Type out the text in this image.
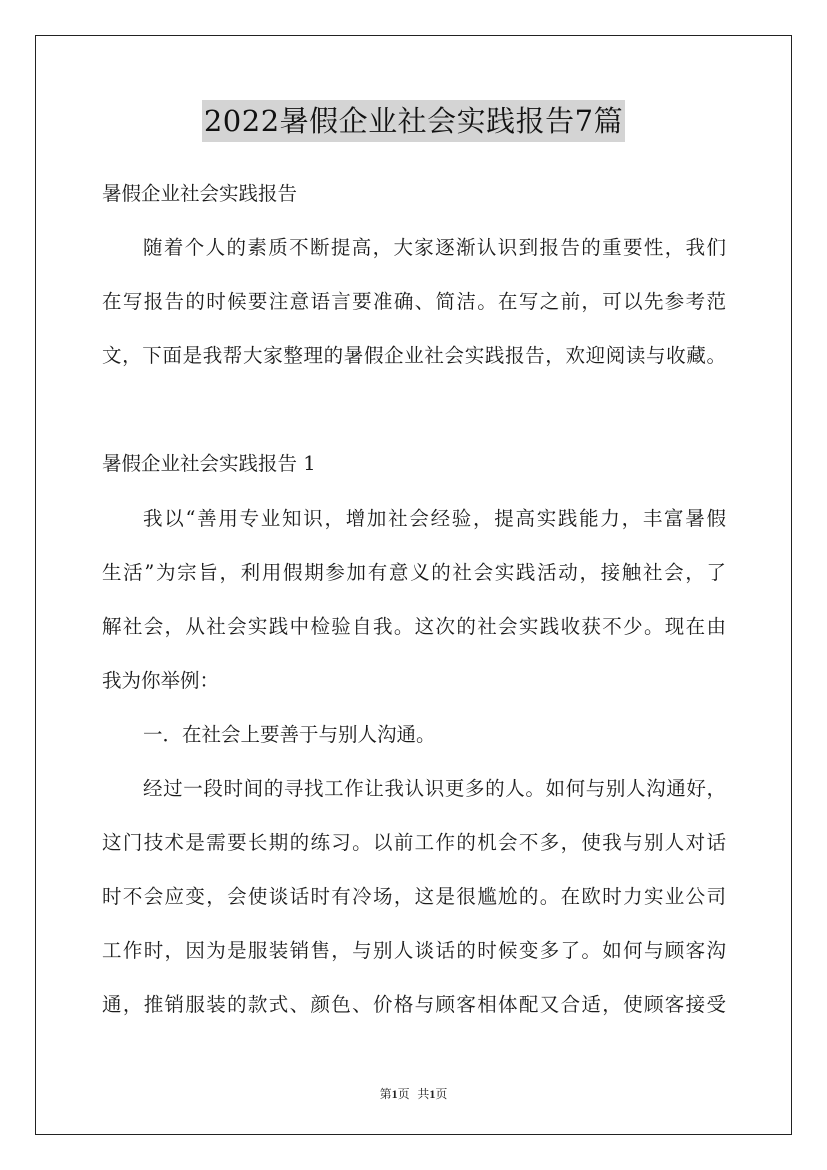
2022暑假企业社会实践报告7篇
暑假企业社会实践报告
随着个人的素质不断提高，大家逐渐认识到报告的重要性，我们
在写报告的时候要注意语言要准确、简洁。在写之前，可以先参考范
文，下面是我帮大家整理的暑假企业社会实践报告，欢迎阅读与收藏。
暑假企业社会实践报告 1
我以“善用专业知识，增加社会经验，提高实践能力，丰富暑假
生活”为宗旨，利用假期参加有意义的社会实践活动，接触社会，了
解社会，从社会实践中检验自我。这次的社会实践收获不少。现在由
我为你举例：
一．在社会上要善于与别人沟通。
经过一段时间的寻找工作让我认识更多的人。如何与别人沟通好，
这门技术是需要长期的练习。以前工作的机会不多，使我与别人对话
时不会应变，会使谈话时有冷场，这是很尴尬的。在欧时力实业公司
工作时，因为是服装销售，与别人谈话的时候变多了。如何与顾客沟
通，推销服装的款式、颜色、价格与顾客相体配又合适，使顾客接受
第1页 共1页
